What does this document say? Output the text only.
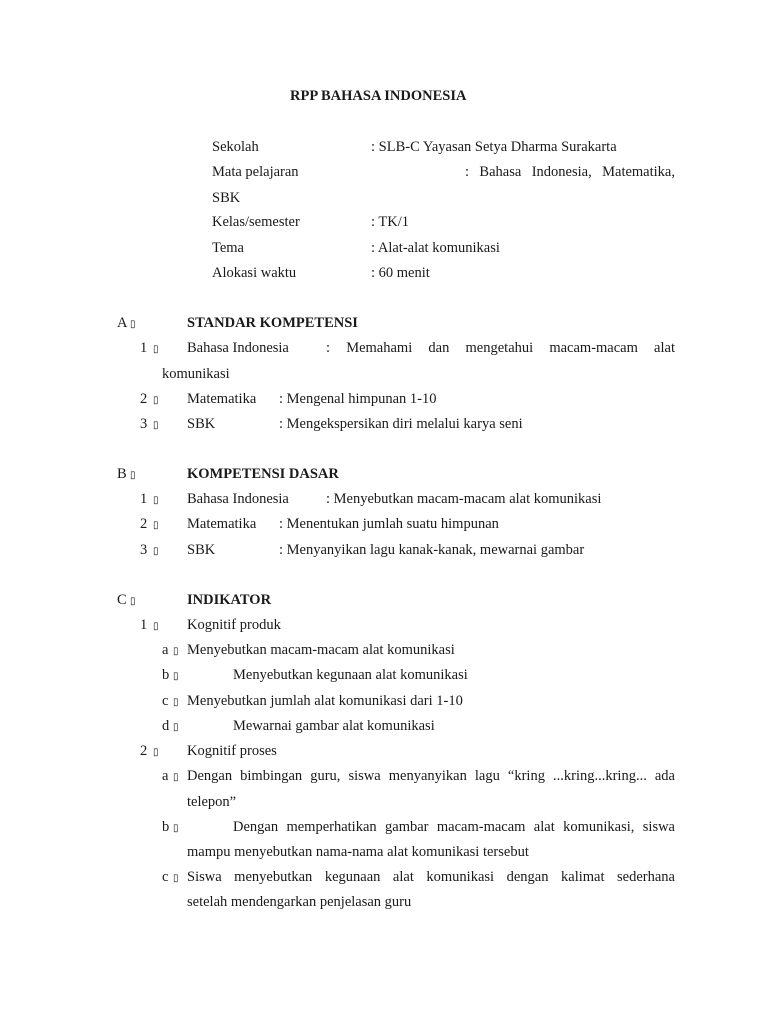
RPP BAHASA INDONESIA
Sekolah	: SLB-C Yayasan Setya Dharma Surakarta
Mata pelajaran	: Bahasa Indonesia, Matematika,
SBK
Kelas/semester	: TK/1
Tema	: Alat-alat komunikasi
Alokasi waktu	: 60 menit
A ▯	STANDAR KOMPETENSI
1 ▯ Bahasa Indonesia	: Memahami dan mengetahui macam-macam alat
komunikasi
2 ▯ Matematika : Mengenal himpunan 1-10
3 ▯ SBK	: Mengekspersikan diri melalui karya seni
B ▯	KOMPETENSI DASAR
1 ▯ Bahasa Indonesia	: Menyebutkan macam-macam alat komunikasi
2 ▯ Matematika : Menentukan jumlah suatu himpunan
3 ▯ SBK	: Menyanyikan lagu kanak-kanak, mewarnai gambar
C ▯	INDIKATOR
1 ▯ Kognitif produk
a ▯ Menyebutkan macam-macam alat komunikasi
b ▯	Menyebutkan kegunaan alat komunikasi
c ▯ Menyebutkan jumlah alat komunikasi dari 1-10
d ▯	Mewarnai gambar alat komunikasi
2 ▯ Kognitif proses
a ▯ Dengan bimbingan guru, siswa menyanyikan lagu “kring ...kring...kring... ada
telepon”
b ▯	Dengan memperhatikan gambar macam-macam alat komunikasi, siswa
mampu menyebutkan nama-nama alat komunikasi tersebut
c ▯ Siswa menyebutkan kegunaan alat komunikasi dengan kalimat sederhana
setelah mendengarkan penjelasan guru
